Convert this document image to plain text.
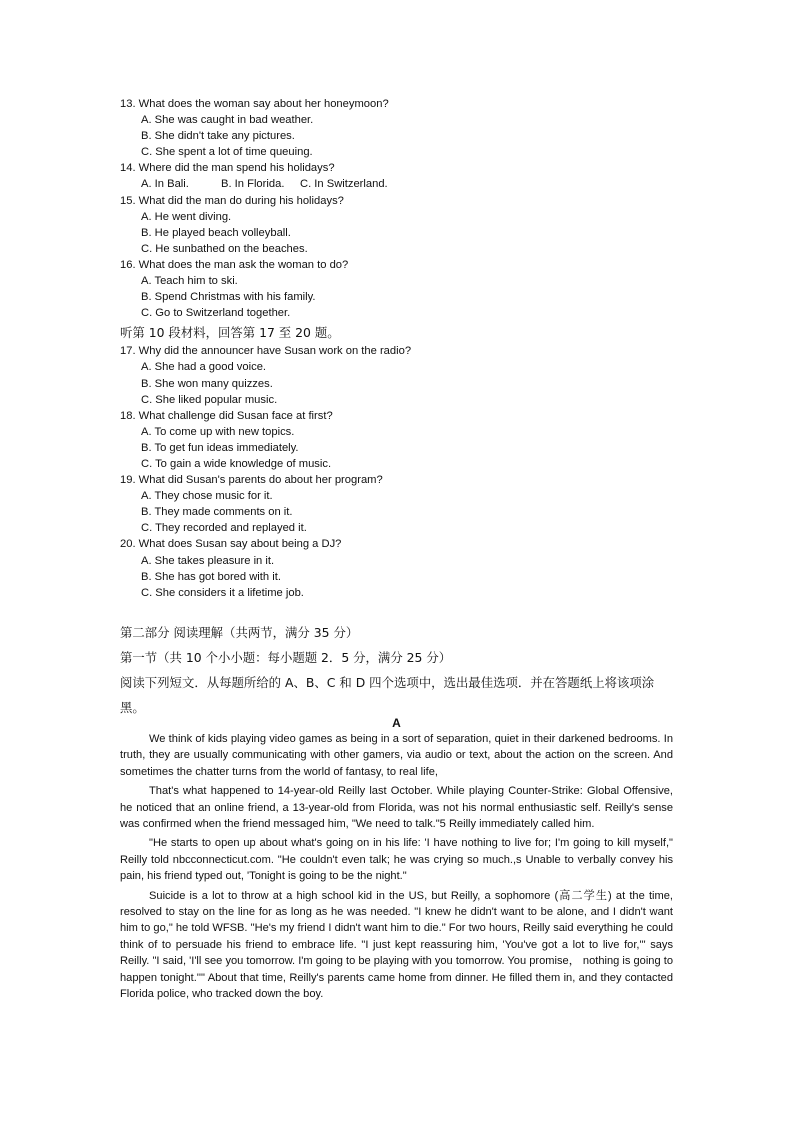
13. What does the woman say about her honeymoon?
A. She was caught in bad weather.
B. She didn't take any pictures.
C. She spent a lot of time queuing.
14. Where did the man spend his holidays?
A. In Bali.	B. In Florida. C. In Switzerland.
15. What did the man do during his holidays?
A. He went diving.
B. He played beach volleyball.
C. He sunbathed on the beaches.
16. What does the man ask the woman to do?
A. Teach him to ski.
B. Spend Christmas with his family.
C. Go to Switzerland together.

听第 10 段材料，回答第 17 至 20 题。

17. Why did the announcer have Susan work on the radio?
A. She had a good voice.
B. She won many quizzes.
C. She liked popular music.
18. What challenge did Susan face at first?
A. To come up with new topics.
B. To get fun ideas immediately.
C. To gain a wide knowledge of music.
19. What did Susan's parents do about her program?
A. They chose music for it.
B. They made comments on it.
C. They recorded and replayed it.
20. What does Susan say about being a DJ?
A. She takes pleasure in it.
B. She has got bored with it.
C. She considers it a lifetime job.

第二部分 阅读理解（共两节，满分 35 分）

第一节（共 10 个小小题：每小题题 2．5 分，满分 25 分）

阅读下列短文．从每题所给的 A、B、C 和 D 四个选项中，选出最佳选项．并在答题纸上将该项涂黑。

A

We think of kids playing video games as being in a sort of separation, quiet in their darkened bedrooms. In truth, they are usually communicating with other gamers, via audio or text, about the action on the screen. And sometimes the chatter turns from the world of fantasy, to real life,

That's what happened to 14-year-old Reilly last October. While playing Counter-Strike: Global Offensive, he noticed that an online friend, a 13-year-old from Florida, was not his normal enthusiastic self. Reilly's sense was confirmed when the friend messaged him, "We need to talk."5 Reilly immediately called him.

"He starts to open up about what's going on in his life: 'I have nothing to live for; I'm going to kill myself," Reilly told nbcconnecticut.com. "He couldn't even talk; he was crying so much.,s Unable to verbally convey his pain, his friend typed out, 'Tonight is going to be the night."

Suicide is a lot to throw at a high school kid in the US, but Reilly, a sophomore (高二学生) at the time, resolved to stay on the line for as long as he was needed. "I knew he didn't want to be alone, and I didn't want him to go," he told WFSB. "He's my friend I didn't want him to die." For two hours, Reilly said everything he could think of to persuade his friend to embrace life. "I just kept reassuring him, 'You've got a lot to live for,'" says Reilly. "I said, 'I'll see you tomorrow. I'm going to be playing with you tomorrow. You promise， nothing is going to happen tonight.''" About that time, Reilly's parents came home from dinner. He filled them in, and they contacted Florida police, who tracked down the boy.
